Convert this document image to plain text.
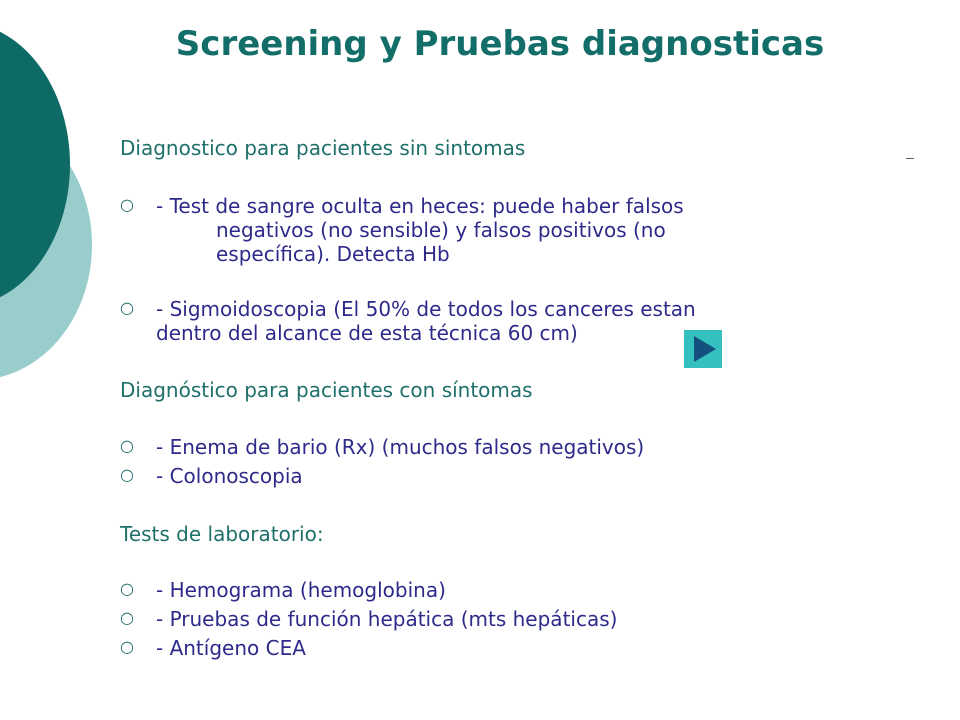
Screening y Pruebas diagnosticas
Diagnostico para pacientes sin sintomas
○ - Test de sangre oculta en heces: puede haber falsos
negativos (no sensible) y falsos positivos (no
específica). Detecta Hb
○ - Sigmoidoscopia (El 50% de todos los canceres estan
dentro del alcance de esta técnica 60 cm)
Diagnóstico para pacientes con síntomas
○ - Enema de bario (Rx) (muchos falsos negativos)
○ - Colonoscopia
Tests de laboratorio:
○ - Hemograma (hemoglobina)
○ - Pruebas de función hepática (mts hepáticas)
○ - Antígeno CEA
